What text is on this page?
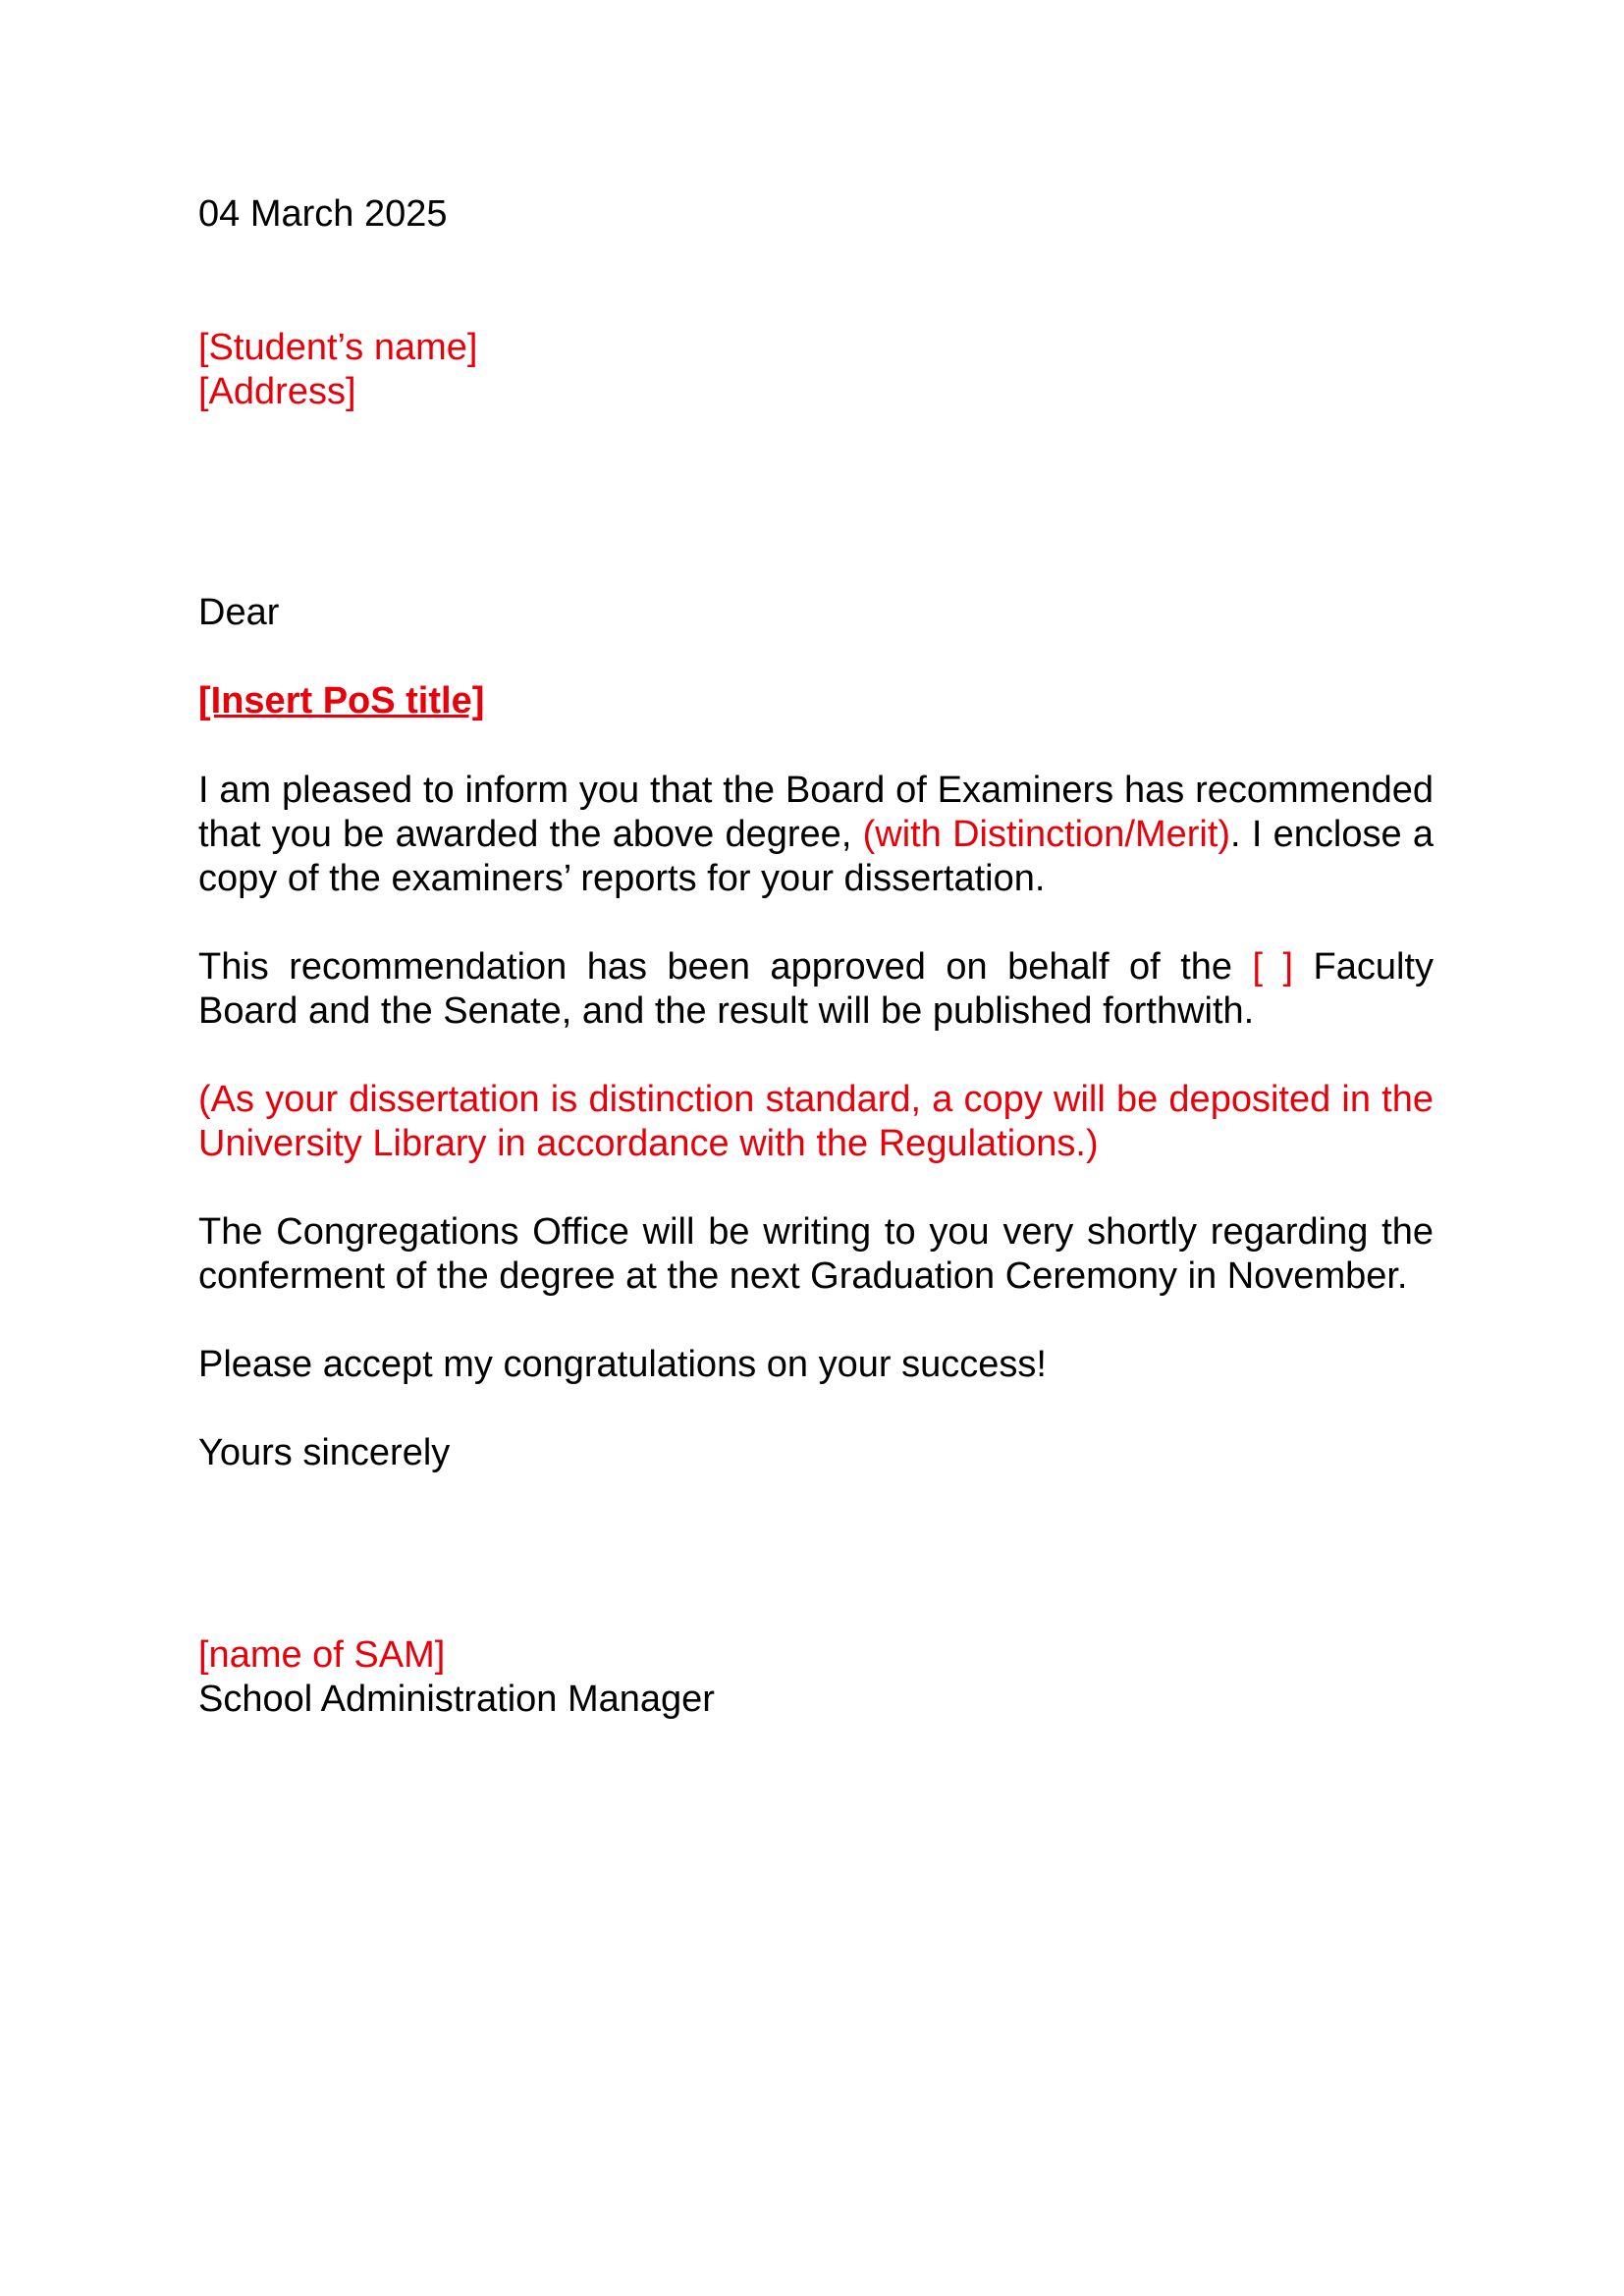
04 March 2025

[Student’s name]
[Address]

Dear

[Insert PoS title]

I am pleased to inform you that the Board of Examiners has recommended that you be awarded the above degree, (with Distinction/Merit). I enclose a copy of the examiners’ reports for your dissertation.

This recommendation has been approved on behalf of the [ ] Faculty Board and the Senate, and the result will be published forthwith.

(As your dissertation is distinction standard, a copy will be deposited in the University Library in accordance with the Regulations.)

The Congregations Office will be writing to you very shortly regarding the conferment of the degree at the next Graduation Ceremony in November.

Please accept my congratulations on your success!

Yours sincerely

[name of SAM]
School Administration Manager
